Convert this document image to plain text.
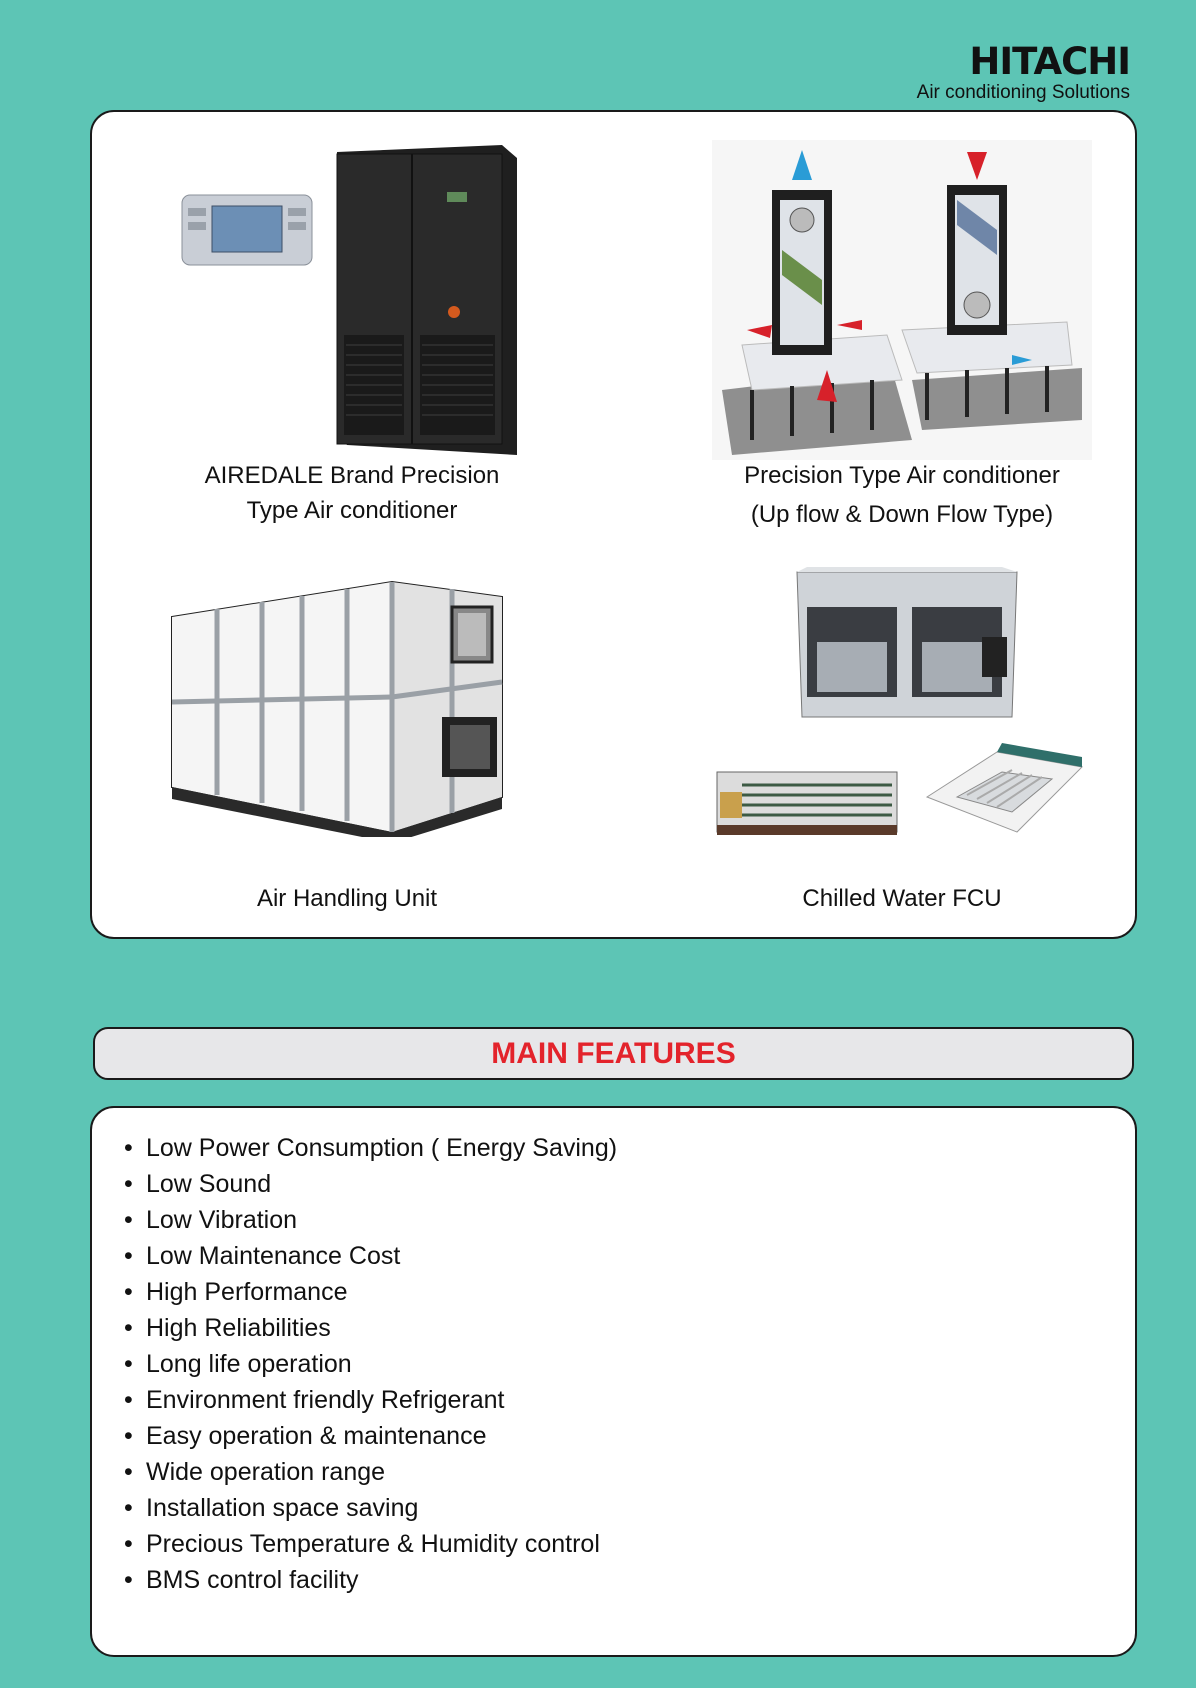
HITACHI
Air conditioning Solutions
AIREDALE Brand Precision
Type Air conditioner
Precision Type Air conditioner
(Up flow & Down Flow Type)
Air Handling Unit	Chilled Water FCU
MAIN FEATURES
• Low Power Consumption ( Energy Saving)
• Low Sound
• Low Vibration
• Low Maintenance Cost
• High Performance
• High Reliabilities
• Long life operation
• Environment friendly Refrigerant
• Easy operation & maintenance
• Wide operation range
• Installation space saving
• Precious Temperature & Humidity control
• BMS control facility
